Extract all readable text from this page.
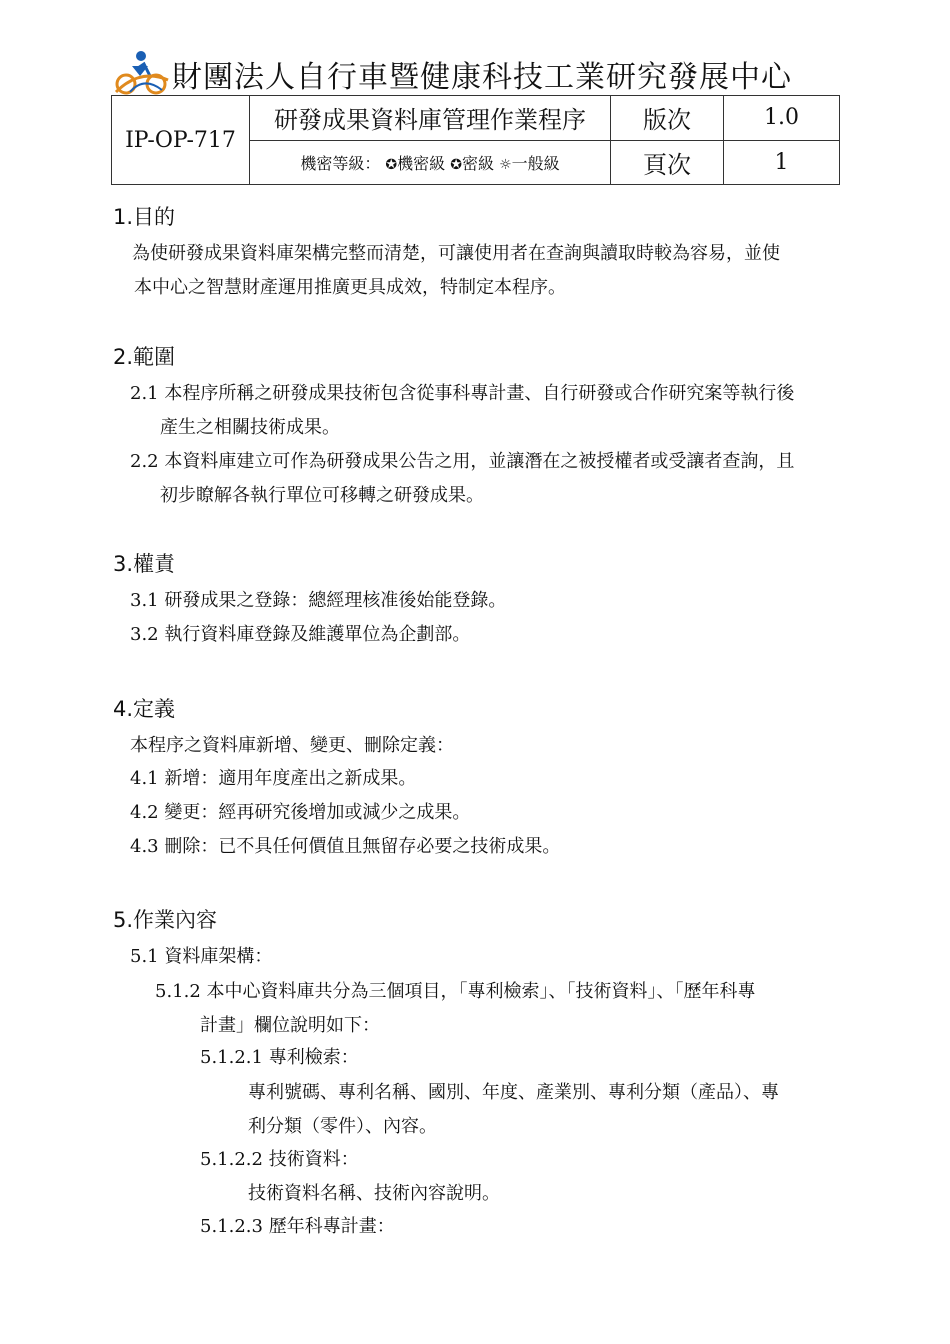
財團法人自行車暨健康科技工業研究發展中心
IP-OP-717	研發成果資料庫管理作業程序	版次	1.0
	機密等級： ✪機密級 ✪密級 ☼一般級	頁次	1
1.目的
為使研發成果資料庫架構完整而清楚，可讓使用者在查詢與讀取時較為容易，並使
本中心之智慧財產運用推廣更具成效，特制定本程序。
2.範圍
2.1 本程序所稱之研發成果技術包含從事科專計畫、自行研發或合作研究案等執行後
產生之相關技術成果。
2.2 本資料庫建立可作為研發成果公告之用，並讓潛在之被授權者或受讓者查詢，且
初步瞭解各執行單位可移轉之研發成果。
3.權責
3.1 研發成果之登錄：總經理核准後始能登錄。
3.2 執行資料庫登錄及維護單位為企劃部。
4.定義
本程序之資料庫新增、變更、刪除定義：
4.1 新增：適用年度產出之新成果。
4.2 變更：經再研究後增加或減少之成果。
4.3 刪除：已不具任何價值且無留存必要之技術成果。
5.作業內容
5.1 資料庫架構：
5.1.2 本中心資料庫共分為三個項目，「專利檢索」、「技術資料」、「歷年科專
計畫」欄位說明如下：
5.1.2.1 專利檢索：
專利號碼、專利名稱、國別、年度、產業別、專利分類（產品）、專
利分類（零件）、內容。
5.1.2.2 技術資料：
技術資料名稱、技術內容說明。
5.1.2.3 歷年科專計畫：
